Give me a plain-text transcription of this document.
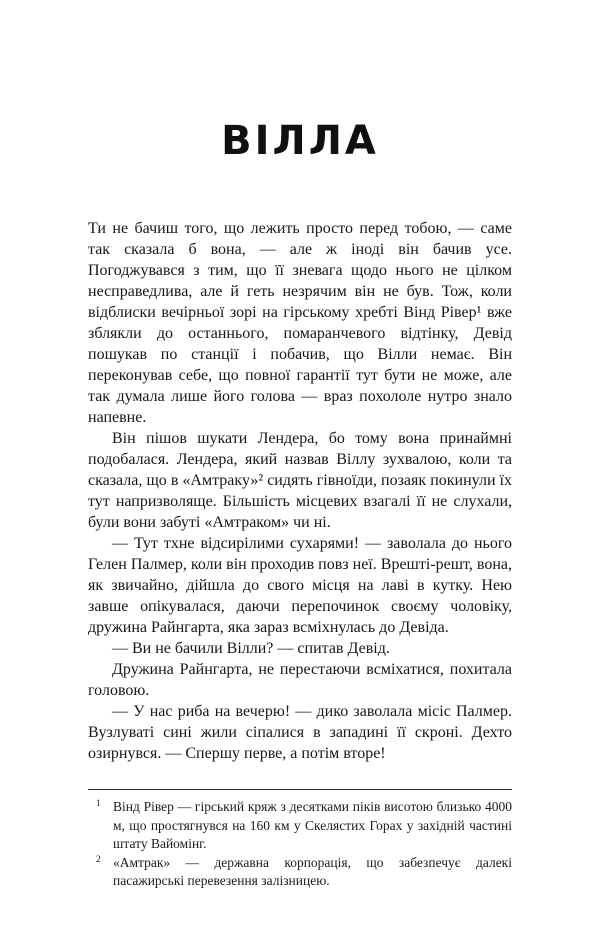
ВІЛЛА

Ти не бачиш того, що лежить просто перед тобою, — саме так сказала б вона, — але ж іноді він бачив усе. Погоджувався з тим, що її зневага щодо нього не цілком несправедлива, але й геть незрячим він не був. Тож, коли відблиски вечірньої зорі на гірському хребті Вінд Рівер¹ вже зблякли до останнього, помаранчевого відтінку, Девід пошукав по станції і побачив, що Вілли немає. Він переконував себе, що повної гарантії тут бути не може, але так думала лише його голова — враз похололе нутро знало напевне.

Він пішов шукати Лендера, бо тому вона принаймні подобалася. Лендера, який назвав Віллу зухвалою, коли та сказала, що в «Амтраку»² сидять гівноїди, позаяк покинули їх тут напризволяще. Більшість місцевих взагалі її не слухали, були вони забуті «Амтраком» чи ні.

— Тут тхне відсирілими сухарями! — заволала до нього Гелен Палмер, коли він проходив повз неї. Врешті-решт, вона, як звичайно, дійшла до свого місця на лаві в кутку. Нею завше опікувалася, даючи перепочинок своєму чоловіку, дружина Райнгарта, яка зараз всміхнулась до Девіда.

— Ви не бачили Вілли? — спитав Девід.

Дружина Райнгарта, не перестаючи всміхатися, похитала головою.

— У нас риба на вечерю! — дико заволала місіс Палмер. Вузлуваті сині жили сіпалися в западині її скроні. Дехто озирнувся. — Спершу перве, а потім вторе!

1 Вінд Рівер — гірський кряж з десятками піків висотою близько 4000 м, що простягнувся на 160 км у Скелястих Горах у західній частині штату Вайомінг.
2 «Амтрак» — державна корпорація, що забезпечує далекі пасажирські перевезення залізницею.
